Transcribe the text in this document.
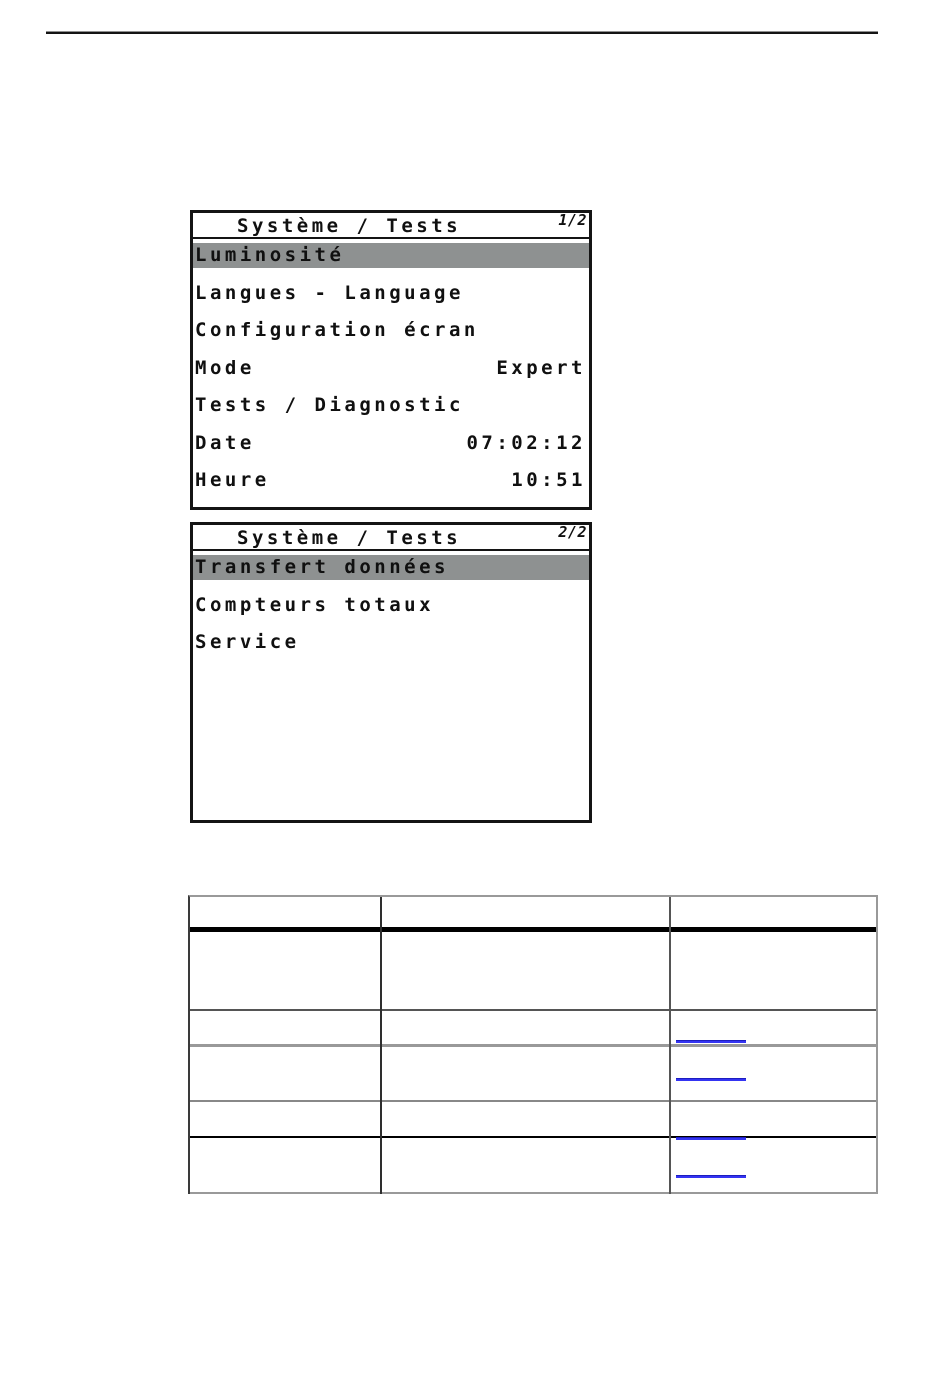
Système / Tests	1/2
Luminosité
Langues - Language
Configuration écran
Mode	Expert
Tests / Diagnostic
Date	07:02:12
Heure	10:51
Système / Tests	2/2
Transfert données
Compteurs totaux
Service
